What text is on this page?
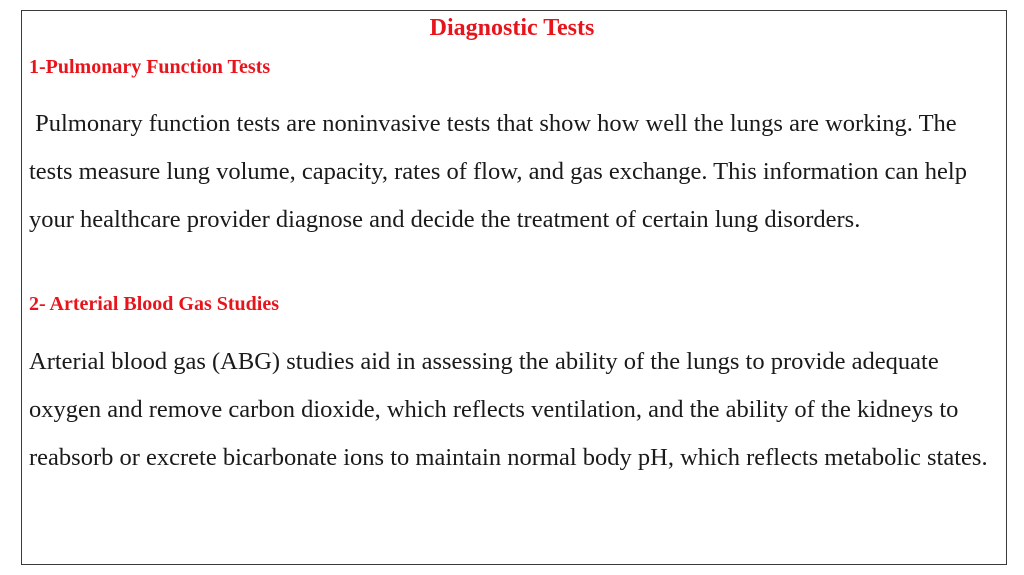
Diagnostic Tests
1-Pulmonary Function Tests

Pulmonary function tests are noninvasive tests that show how well the lungs are working. The tests measure lung volume, capacity, rates of flow, and gas exchange. This information can help your healthcare provider diagnose and decide the treatment of certain lung disorders.

2- Arterial Blood Gas Studies

Arterial blood gas (ABG) studies aid in assessing the ability of the lungs to provide adequate oxygen and remove carbon dioxide, which reflects ventilation, and the ability of the kidneys to reabsorb or excrete bicarbonate ions to maintain normal body pH, which reflects metabolic states.
